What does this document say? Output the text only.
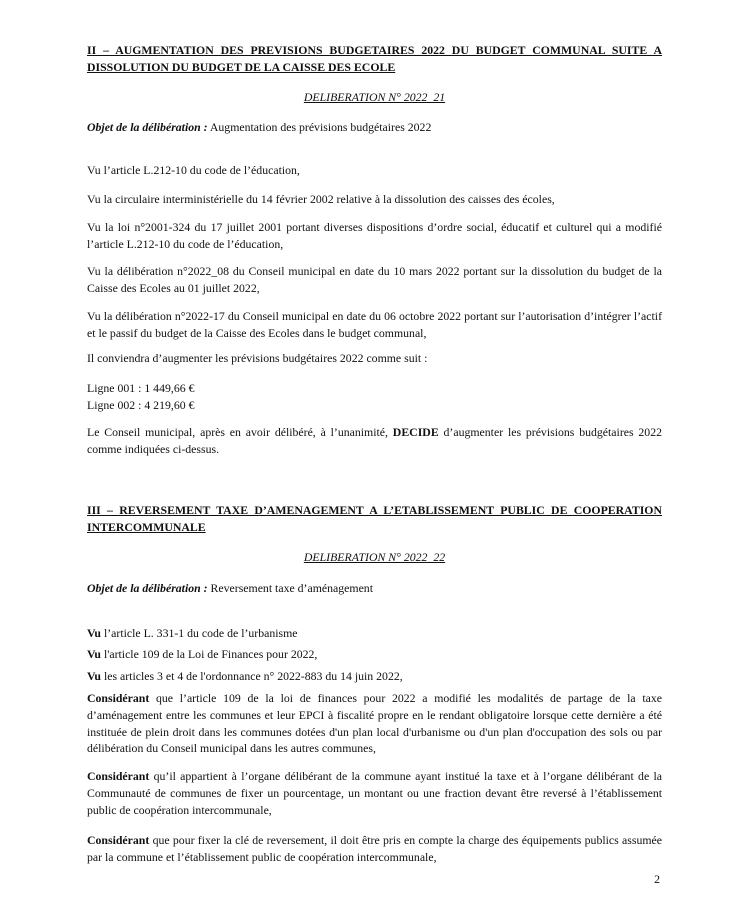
II – AUGMENTATION DES PREVISIONS BUDGETAIRES 2022 DU BUDGET COMMUNAL SUITE A DISSOLUTION DU BUDGET DE LA CAISSE DES ECOLE

DELIBERATION N° 2022_21

Objet de la délibération : Augmentation des prévisions budgétaires 2022

Vu l’article L.212-10 du code de l’éducation,

Vu la circulaire interministérielle du 14 février 2002 relative à la dissolution des caisses des écoles,

Vu la loi n°2001-324 du 17 juillet 2001 portant diverses dispositions d’ordre social, éducatif et culturel qui a modifié l’article L.212-10 du code de l’éducation,

Vu la délibération n°2022_08 du Conseil municipal en date du 10 mars 2022 portant sur la dissolution du budget de la Caisse des Ecoles au 01 juillet 2022,

Vu la délibération n°2022-17 du Conseil municipal en date du 06 octobre 2022 portant sur l’autorisation d’intégrer l’actif et le passif du budget de la Caisse des Ecoles dans le budget communal,

Il conviendra d’augmenter les prévisions budgétaires 2022 comme suit :

Ligne 001 : 1 449,66 €

Ligne 002 : 4 219,60 €

Le Conseil municipal, après en avoir délibéré, à l’unanimité, DECIDE d’augmenter les prévisions budgétaires 2022 comme indiquées ci-dessus.

III – REVERSEMENT TAXE D’AMENAGEMENT A L’ETABLISSEMENT PUBLIC DE COOPERATION INTERCOMMUNALE

DELIBERATION N° 2022_22

Objet de la délibération : Reversement taxe d’aménagement

Vu l’article L. 331-1 du code de l’urbanisme

Vu l'article 109 de la Loi de Finances pour 2022,

Vu les articles 3 et 4 de l'ordonnance n° 2022-883 du 14 juin 2022,

Considérant que l’article 109 de la loi de finances pour 2022 a modifié les modalités de partage de la taxe d’aménagement entre les communes et leur EPCI à fiscalité propre en le rendant obligatoire lorsque cette dernière a été instituée de plein droit dans les communes dotées d'un plan local d'urbanisme ou d'un plan d'occupation des sols ou par délibération du Conseil municipal dans les autres communes,

Considérant qu’il appartient à l’organe délibérant de la commune ayant institué la taxe et à l’organe délibérant de la Communauté de communes de fixer un pourcentage, un montant ou une fraction devant être reversé à l’établissement public de coopération intercommunale,

Considérant que pour fixer la clé de reversement, il doit être pris en compte la charge des équipements publics assumée par la commune et l’établissement public de coopération intercommunale,

2
